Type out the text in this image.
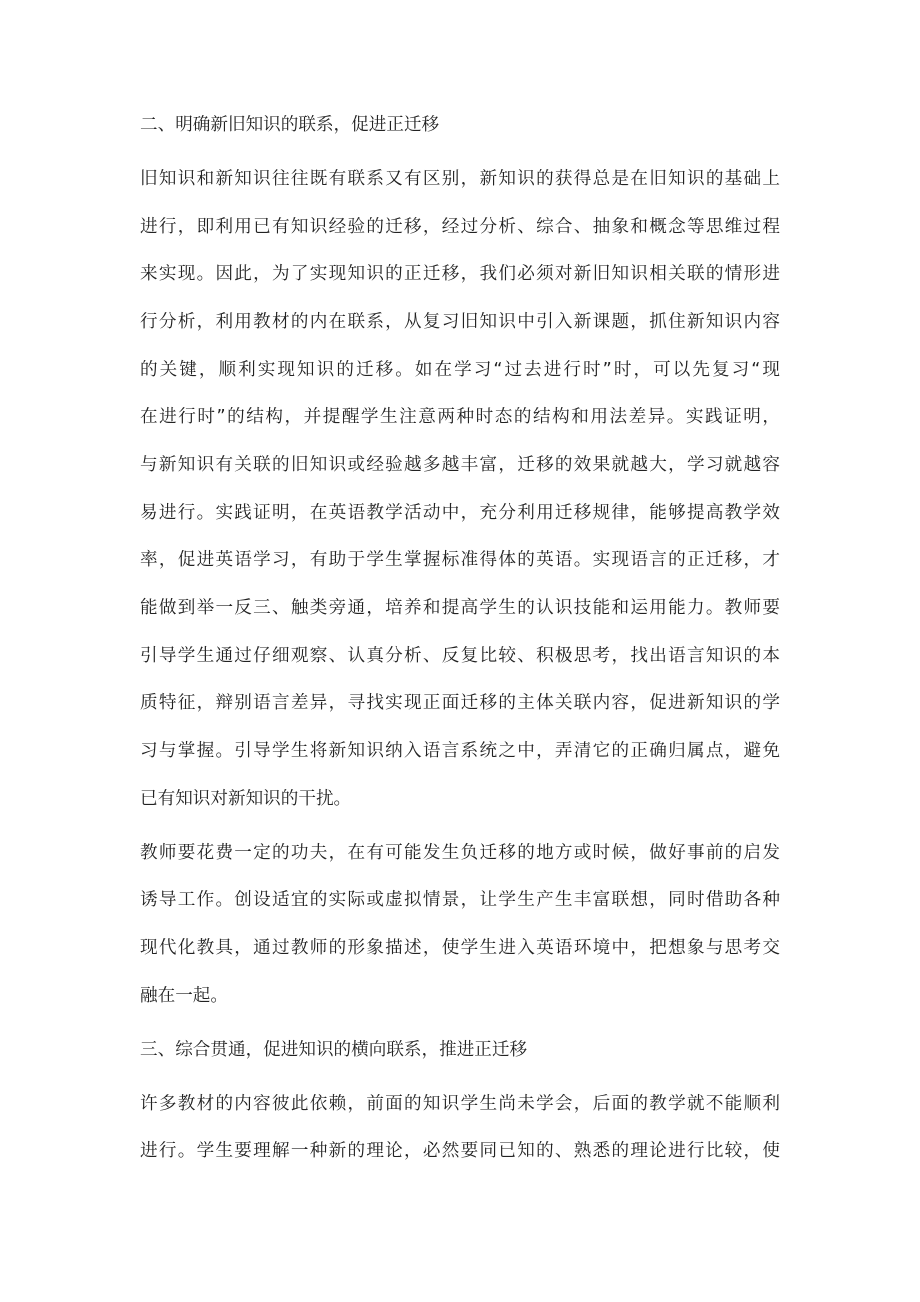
二、明确新旧知识的联系，促进正迁移
旧知识和新知识往往既有联系又有区别，新知识的获得总是在旧知识的基础上
进行，即利用已有知识经验的迁移，经过分析、综合、抽象和概念等思维过程
来实现。因此，为了实现知识的正迁移，我们必须对新旧知识相关联的情形进
行分析，利用教材的内在联系，从复习旧知识中引入新课题，抓住新知识内容
的关键，顺利实现知识的迁移。如在学习“过去进行时”时，可以先复习“现
在进行时”的结构，并提醒学生注意两种时态的结构和用法差异。实践证明，
与新知识有关联的旧知识或经验越多越丰富，迁移的效果就越大，学习就越容
易进行。实践证明，在英语教学活动中，充分利用迁移规律，能够提高教学效
率，促进英语学习，有助于学生掌握标准得体的英语。实现语言的正迁移，才
能做到举一反三、触类旁通，培养和提高学生的认识技能和运用能力。教师要
引导学生通过仔细观察、认真分析、反复比较、积极思考，找出语言知识的本
质特征，辩别语言差异，寻找实现正面迁移的主体关联内容，促进新知识的学
习与掌握。引导学生将新知识纳入语言系统之中，弄清它的正确归属点，避免
已有知识对新知识的干扰。
教师要花费一定的功夫，在有可能发生负迁移的地方或时候，做好事前的启发
诱导工作。创设适宜的实际或虚拟情景，让学生产生丰富联想，同时借助各种
现代化教具，通过教师的形象描述，使学生进入英语环境中，把想象与思考交
融在一起。
三、综合贯通，促进知识的横向联系，推进正迁移
许多教材的内容彼此依赖，前面的知识学生尚未学会，后面的教学就不能顺利
进行。学生要理解一种新的理论，必然要同已知的、熟悉的理论进行比较，使
